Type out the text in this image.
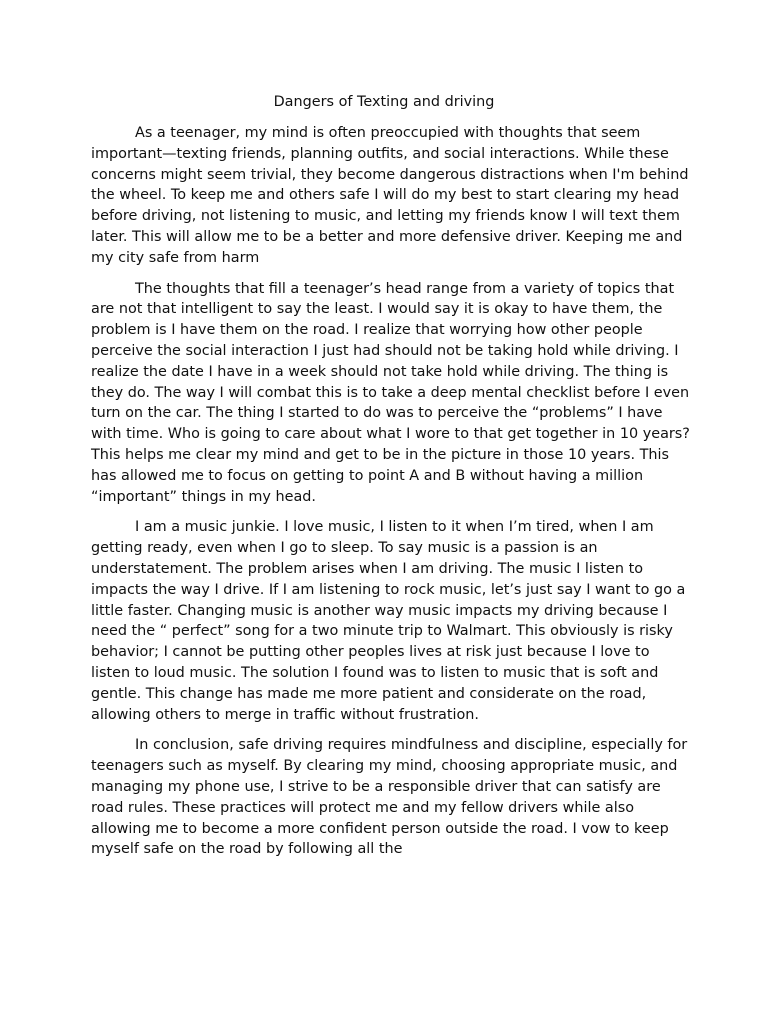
Dangers of Texting and driving

As a teenager, my mind is often preoccupied with thoughts that seem important—texting friends, planning outfits, and social interactions. While these concerns might seem trivial, they become dangerous distractions when I'm behind the wheel. To keep me and others safe I will do my best to start clearing my head before driving, not listening to music, and letting my friends know I will text them later. This will allow me to be a better and more defensive driver. Keeping me and my city safe from harm

The thoughts that fill a teenager’s head range from a variety of topics that are not that intelligent to say the least. I would say it is okay to have them, the problem is I have them on the road. I realize that worrying how other people perceive the social interaction I just had should not be taking hold while driving. I realize the date I have in a week should not take hold while driving. The thing is they do. The way I will combat this is to take a deep mental checklist before I even turn on the car. The thing I started to do was to perceive the “problems” I have with time. Who is going to care about what I wore to that get together in 10 years? This helps me clear my mind and get to be in the picture in those 10 years. This has allowed me to focus on getting to point A and B without having a million “important” things in my head.

I am a music junkie. I love music, I listen to it when I’m tired, when I am getting ready, even when I go to sleep. To say music is a passion is an understatement. The problem arises when I am driving. The music I listen to impacts the way I drive. If I am listening to rock music, let’s just say I want to go a little faster. Changing music is another way music impacts my driving because I need the “ perfect” song for a two minute trip to Walmart. This obviously is risky behavior; I cannot be putting other peoples lives at risk just because I love to listen to loud music. The solution I found was to listen to music that is soft and gentle. This change has made me more patient and considerate on the road, allowing others to merge in traffic without frustration.

In conclusion, safe driving requires mindfulness and discipline, especially for teenagers such as myself. By clearing my mind, choosing appropriate music, and managing my phone use, I strive to be a responsible driver that can satisfy are road rules. These practices will protect me and my fellow drivers while also allowing me to become a more confident person outside the road. I vow to keep myself safe on the road by following all the
